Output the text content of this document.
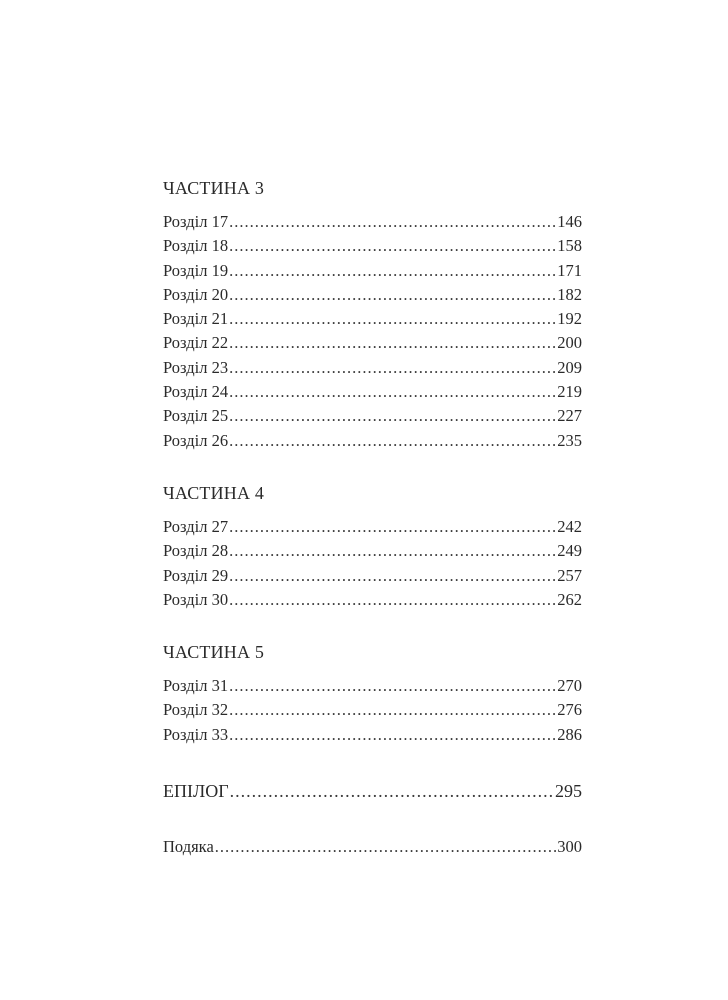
ЧАСТИНА 3
Розділ 17 .....	146
Розділ 18 .....	158
Розділ 19 .....	171
Розділ 20 .....	182
Розділ 21 .....	192
Розділ 22 .....	200
Розділ 23 .....	209
Розділ 24 .....	219
Розділ 25 .....	227
Розділ 26 .....	235
ЧАСТИНА 4
Розділ 27 .....	242
Розділ 28 .....	249
Розділ 29 .....	257
Розділ 30 .....	262
ЧАСТИНА 5
Розділ 31 .....	270
Розділ 32 .....	276
Розділ 33 .....	286
ЕПІЛОГ .....	295
Подяка .....	300
